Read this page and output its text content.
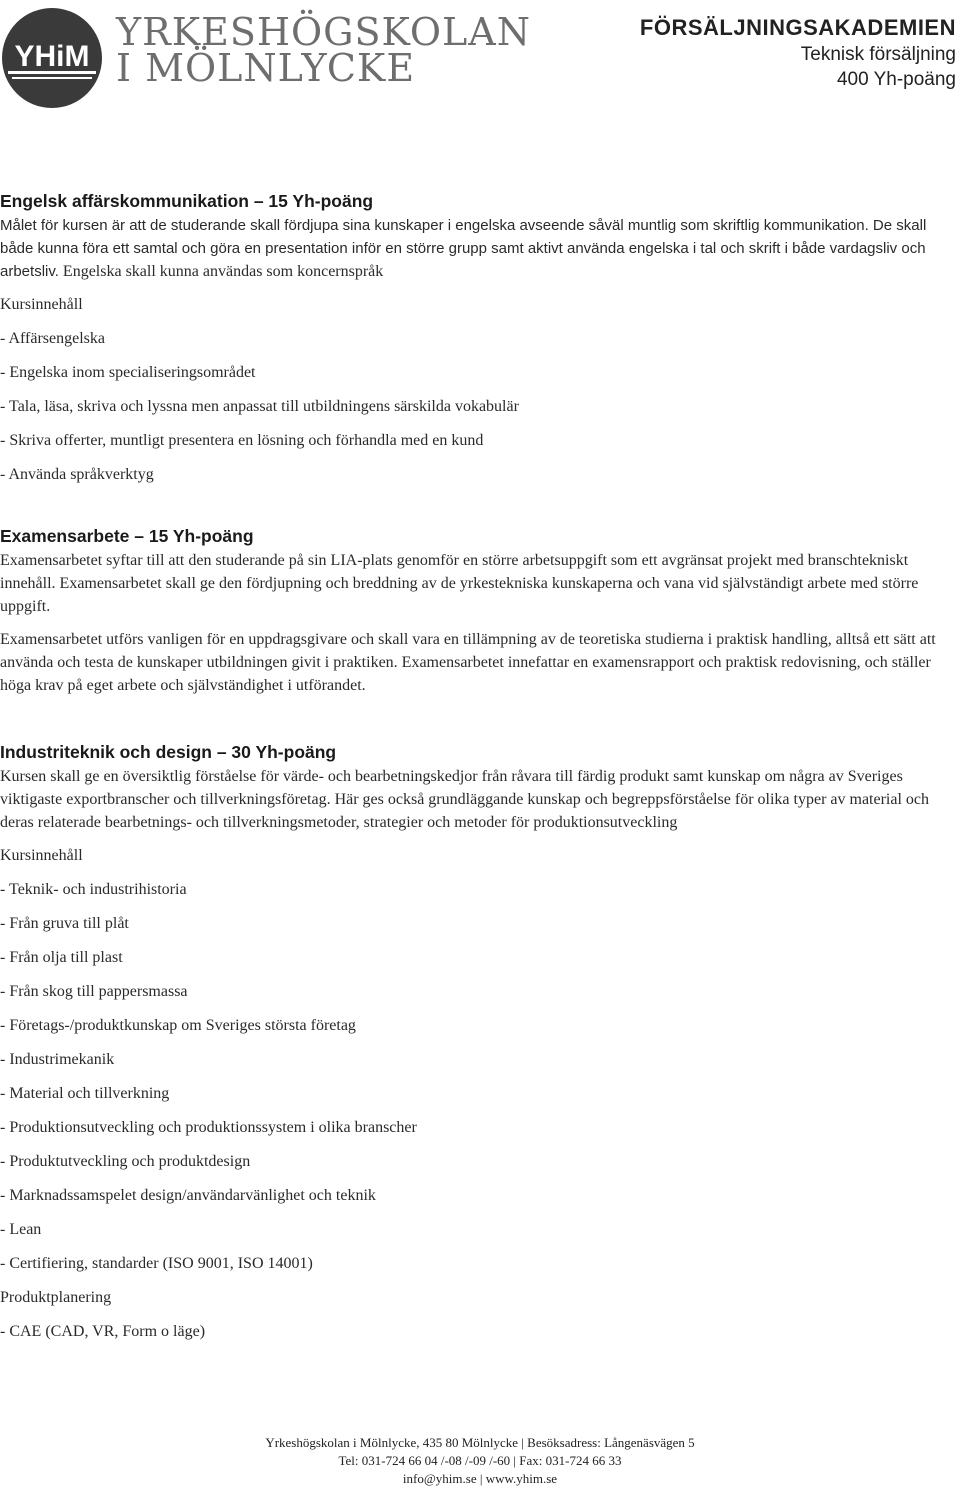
YHiM
YRKESHÖGSKOLAN
I MÖLNLYCKE
FÖRSÄLJNINGSAKADEMIEN
Teknisk försäljning
400 Yh-poäng
Engelsk affärskommunikation – 15 Yh-poäng

Målet för kursen är att de studerande skall fördjupa sina kunskaper i engelska avseende såväl muntlig som skriftlig kommunikation. De skall både kunna föra ett samtal och göra en presentation inför en större grupp samt aktivt använda engelska i tal och skrift i både vardagsliv och arbetsliv. Engelska skall kunna användas som koncernspråk

Kursinnehåll
- Affärsengelska
- Engelska inom specialiseringsområdet
- Tala, läsa, skriva och lyssna men anpassat till utbildningens särskilda vokabulär
- Skriva offerter, muntligt presentera en lösning och förhandla med en kund
- Använda språkverktyg
Examensarbete – 15 Yh-poäng

Examensarbetet syftar till att den studerande på sin LIA-plats genomför en större arbetsuppgift som ett avgränsat projekt med branschtekniskt innehåll. Examensarbetet skall ge den fördjupning och breddning av de yrkestekniska kunskaperna och vana vid självständigt arbete med större uppgift.

Examensarbetet utförs vanligen för en uppdragsgivare och skall vara en tillämpning av de teoretiska studierna i praktisk handling, alltså ett sätt att använda och testa de kunskaper utbildningen givit i praktiken. Examensarbetet innefattar en examensrapport och praktisk redovisning, och ställer höga krav på eget arbete och självständighet i utförandet.

Industriteknik och design – 30 Yh-poäng

Kursen skall ge en översiktlig förståelse för värde- och bearbetningskedjor från råvara till färdig produkt samt kunskap om några av Sveriges viktigaste exportbranscher och tillverkningsföretag. Här ges också grundläggande kunskap och begreppsförståelse för olika typer av material och deras relaterade bearbetnings- och tillverkningsmetoder, strategier och metoder för produktionsutveckling

Kursinnehåll
- Teknik- och industrihistoria
- Från gruva till plåt
- Från olja till plast
- Från skog till pappersmassa
- Företags-/produktkunskap om Sveriges största företag
- Industrimekanik
- Material och tillverkning
- Produktionsutveckling och produktionssystem i olika branscher
- Produktutveckling och produktdesign
- Marknadssamspelet design/användarvänlighet och teknik
- Lean
- Certifiering, standarder (ISO 9001, ISO 14001)
Produktplanering
- CAE (CAD, VR, Form o läge)
Yrkeshögskolan i Mölnlycke, 435 80 Mölnlycke | Besöksadress: Långenäsvägen 5
Tel: 031-724 66 04 /-08 /-09 /-60 | Fax: 031-724 66 33
info@yhim.se | www.yhim.se
